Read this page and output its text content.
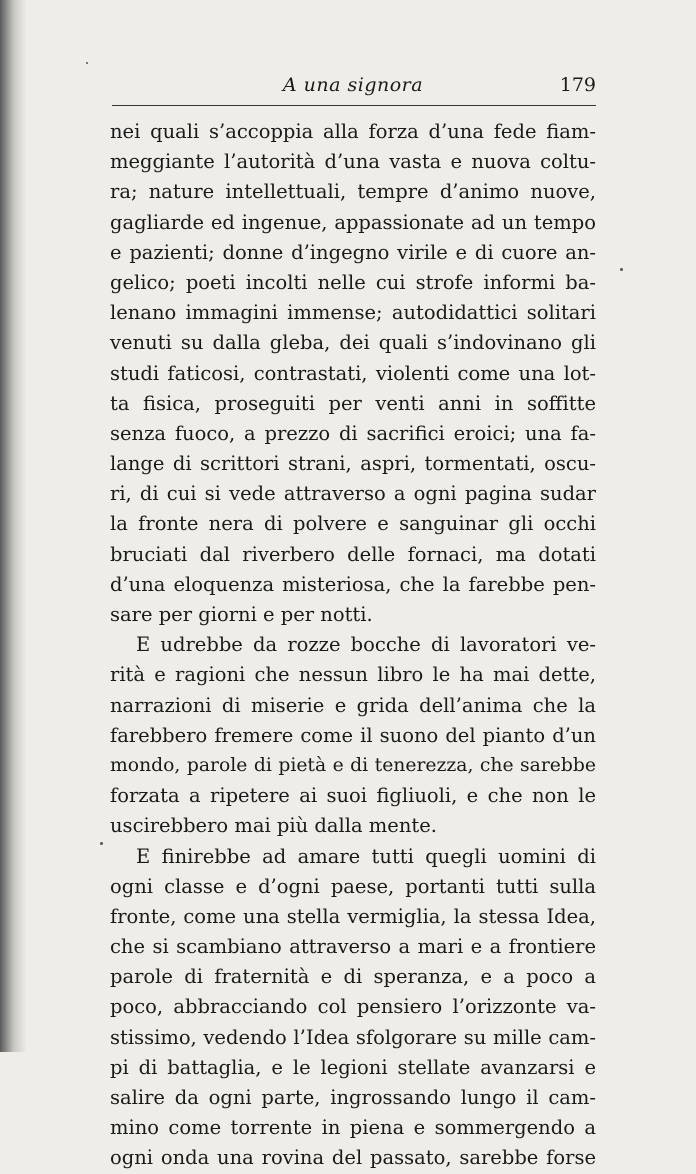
A una signora	179
nei quali s’accoppia alla forza d’una fede fiam-
meggiante l’autorità d’una vasta e nuova coltu-
ra; nature intellettuali, tempre d’animo nuove,
gagliarde ed ingenue, appassionate ad un tempo
e pazienti; donne d’ingegno virile e di cuore an-
gelico; poeti incolti nelle cui strofe informi ba-
lenano immagini immense; autodidattici solitari
venuti su dalla gleba, dei quali s’indovinano gli
studi faticosi, contrastati, violenti come una lot-
ta fisica, proseguiti per venti anni in soffitte
senza fuoco, a prezzo di sacrifici eroici; una fa-
lange di scrittori strani, aspri, tormentati, oscu-
ri, di cui si vede attraverso a ogni pagina sudar
la fronte nera di polvere e sanguinar gli occhi
bruciati dal riverbero delle fornaci, ma dotati
d’una eloquenza misteriosa, che la farebbe pen-
sare per giorni e per notti.
E udrebbe da rozze bocche di lavoratori ve-
rità e ragioni che nessun libro le ha mai dette,
narrazioni di miserie e grida dell’anima che la
farebbero fremere come il suono del pianto d’un
mondo, parole di pietà e di tenerezza, che sarebbe
forzata a ripetere ai suoi figliuoli, e che non le
uscirebbero mai più dalla mente.
E finirebbe ad amare tutti quegli uomini di
ogni classe e d’ogni paese, portanti tutti sulla
fronte, come una stella vermiglia, la stessa Idea,
che si scambiano attraverso a mari e a frontiere
parole di fraternità e di speranza, e a poco a
poco, abbracciando col pensiero l’orizzonte va-
stissimo, vedendo l’Idea sfolgorare su mille cam-
pi di battaglia, e le legioni stellate avanzarsi e
salire da ogni parte, ingrossando lungo il cam-
mino come torrente in piena e sommergendo a
ogni onda una rovina del passato, sarebbe forse
